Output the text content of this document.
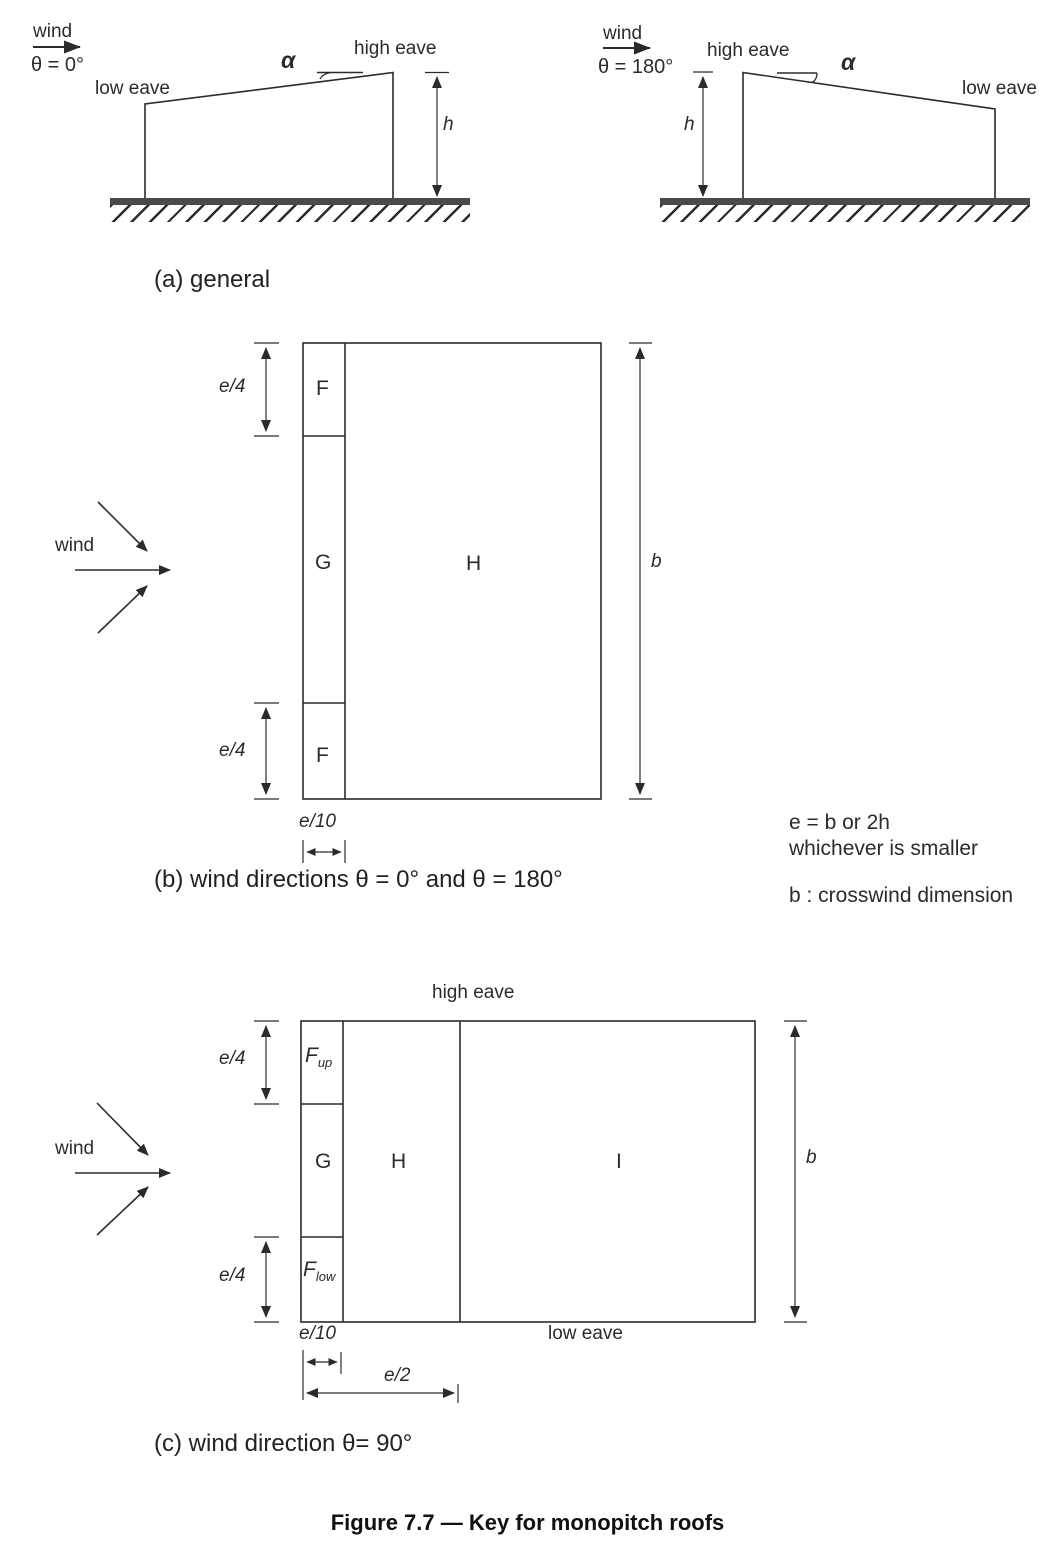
wind
θ = 0°
low eave
high eave
α
h
wind
θ = 180°
high eave α
low eave
h
(a) general
wind
e/4
e/4
F
G	H
F
b
e/10
(b) wind directions θ = 0° and θ = 180°
e = b or 2h
whichever is smaller
b : crosswind dimension
high eave
wind
e/4
e/4
$F_{up}$
G
$F_{low}$
H	I	b
e/10	low eave
e/2
(c) wind direction θ= 90°
Figure 7.7 — Key for monopitch roofs
